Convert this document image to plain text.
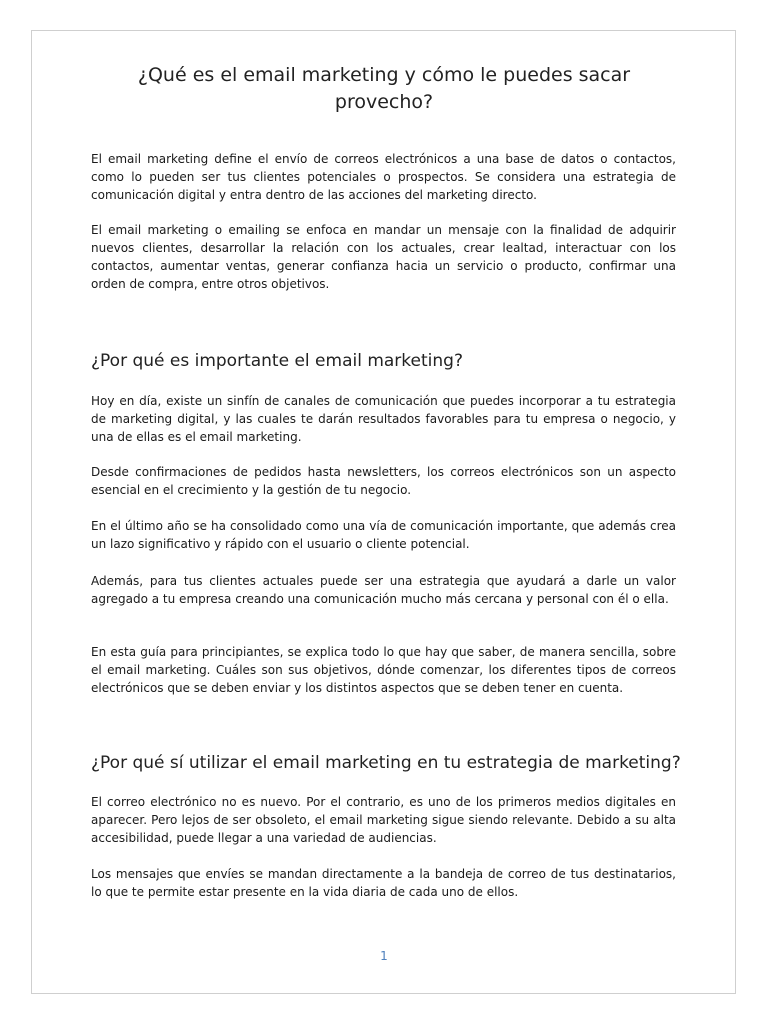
¿Qué es el email marketing y cómo le puedes sacar provecho?

El email marketing define el envío de correos electrónicos a una base de datos o contactos, como lo pueden ser tus clientes potenciales o prospectos. Se considera una estrategia de comunicación digital y entra dentro de las acciones del marketing directo.

El email marketing o emailing se enfoca en mandar un mensaje con la finalidad de adquirir nuevos clientes, desarrollar la relación con los actuales, crear lealtad, interactuar con los contactos, aumentar ventas, generar confianza hacia un servicio o producto, confirmar una orden de compra, entre otros objetivos.

¿Por qué es importante el email marketing?

Hoy en día, existe un sinfín de canales de comunicación que puedes incorporar a tu estrategia de marketing digital, y las cuales te darán resultados favorables para tu empresa o negocio, y una de ellas es el email marketing.

Desde confirmaciones de pedidos hasta newsletters, los correos electrónicos son un aspecto esencial en el crecimiento y la gestión de tu negocio.

En el último año se ha consolidado como una vía de comunicación importante, que además crea un lazo significativo y rápido con el usuario o cliente potencial.

Además, para tus clientes actuales puede ser una estrategia que ayudará a darle un valor agregado a tu empresa creando una comunicación mucho más cercana y personal con él o ella.

En esta guía para principiantes, se explica todo lo que hay que saber, de manera sencilla, sobre el email marketing. Cuáles son sus objetivos, dónde comenzar, los diferentes tipos de correos electrónicos que se deben enviar y los distintos aspectos que se deben tener en cuenta.

¿Por qué sí utilizar el email marketing en tu estrategia de marketing?

El correo electrónico no es nuevo. Por el contrario, es uno de los primeros medios digitales en aparecer. Pero lejos de ser obsoleto, el email marketing sigue siendo relevante. Debido a su alta accesibilidad, puede llegar a una variedad de audiencias.

Los mensajes que envíes se mandan directamente a la bandeja de correo de tus destinatarios, lo que te permite estar presente en la vida diaria de cada uno de ellos.

1
